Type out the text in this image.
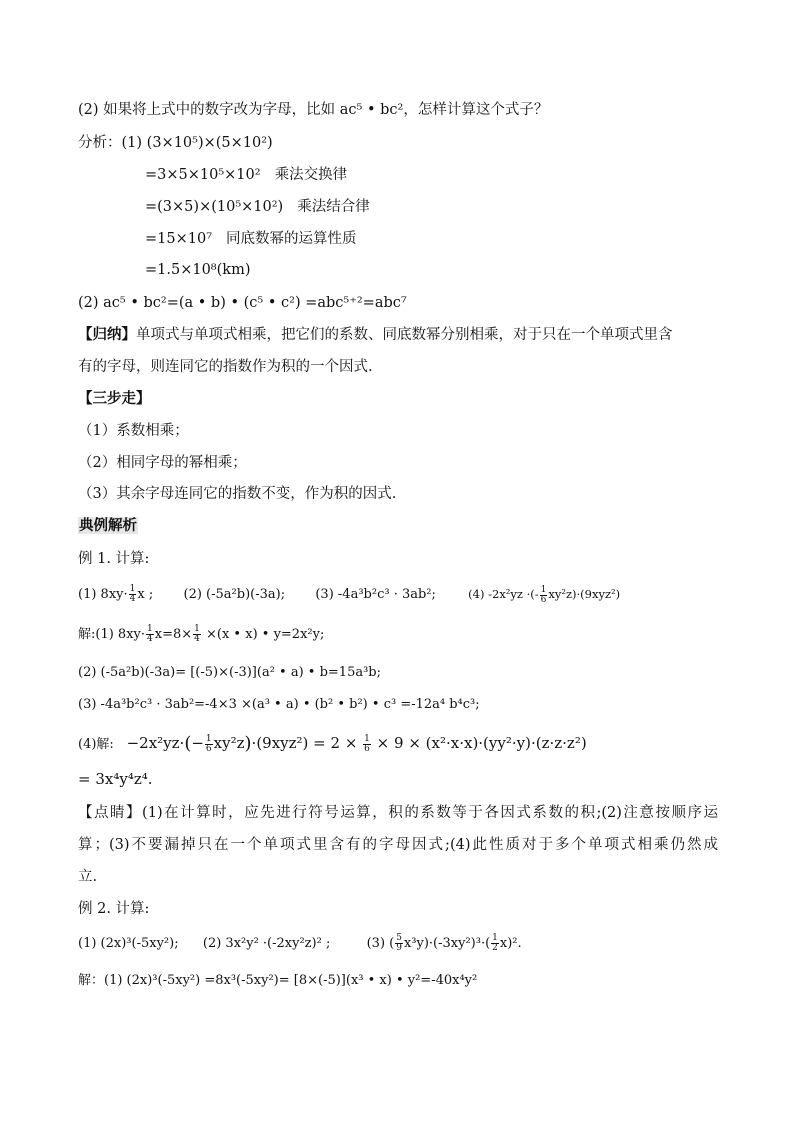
(2) 如果将上式中的数字改为字母，比如 ac⁵ • bc²，怎样计算这个式子？
分析：(1) (3×10⁵)×(5×10²)
=3×5×10⁵×10² 乘法交换律
=(3×5)×(10⁵×10²) 乘法结合律
=15×10⁷ 同底数幂的运算性质
=1.5×10⁸(km)
(2) ac⁵ • bc²=(a • b) • (c⁵ • c²) =abc⁵⁺²=abc⁷
【归纳】单项式与单项式相乘，把它们的系数、同底数幂分别相乘，对于只在一个单项式里含
有的字母，则连同它的指数作为积的一个因式.
【三步走】
（1）系数相乘；
（2）相同字母的幂相乘；
（3）其余字母连同它的指数不变，作为积的因式.
典例解析
例 1. 计算:
(1) $8xy\cdot \frac{1}{4}$ x ; (2) (-5a²b)(-3a); (3) -4a³b²c³ · 3ab²;	(4) -2x²yz ·(- $\frac{1}{6} xy^2z)\cdot(9xyz^2)$
解:(1) $8xy\cdot \frac{1}{4} x=8\times \frac{1}{4} \times(x$ • x) • y=2x²y;
(2) (-5a²b)(-3a)= [(-5)×(-3)](a² • a) • b=15a³b;
(3) -4a³b²c³ · 3ab²=-4×3 ×(a³ • a) • (b² • b²) • c³ =-12a⁴ b⁴c³;
(4)解: $-2x^2yz\cdot(- \frac{1}{6} xy^2z)\cdot(9xyz^2) = 2 \times \frac{1}{6} \times 9 \times (x^2\cdot x\cdot x)\cdot(yy^2\cdot y)\cdot(z\cdot z\cdot z^2)$
= 3x⁴y⁴z⁴.
【点睛】(1)在计算时，应先进行符号运算，积的系数等于各因式系数的积;(2)注意按顺序运
算；(3)不要漏掉只在一个单项式里含有的字母因式;(4)此性质对于多个单项式相乘仍然成
立.
例 2. 计算:
(1) (2x)³(-5xy²); (2) 3x²y² ·(-2xy²z)² ;	(3) ( $\frac{5}{9} x^3y)\cdot(-3xy^2)^3\cdot( \frac{1}{2} x)^2$.
解：(1) (2x)³(-5xy²) =8x³(-5xy²)= [8×(-5)](x³ • x) • y²=-40x⁴y²
